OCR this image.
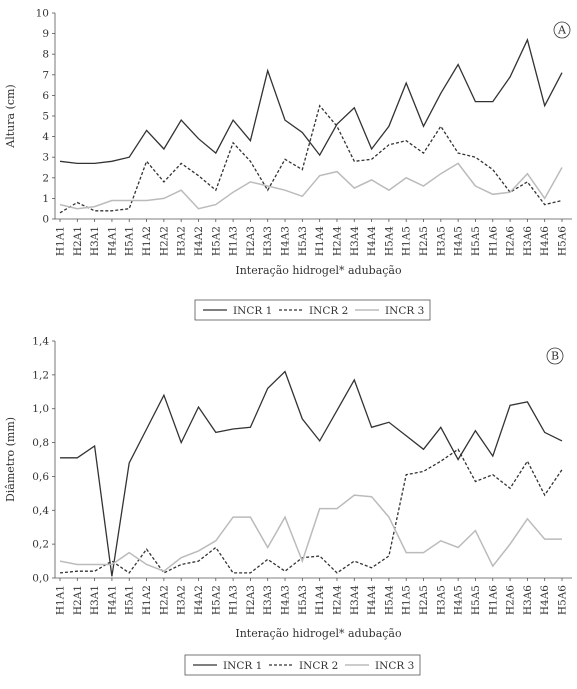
0
1
2
3
4
5
6
7
8
9
10
H1A1 H2A1 H3A1 H4A1 H5A1 H1A2 H2A2 H3A2 H4A2 H5A2 H1A3 H2A3 H3A3 H4A3 H5A3 H1A4 H2A4 H3A4 H4A4 H5A4 H1A5 H2A5 H3A5 H4A5 H5A5 H1A6 H2A6 H3A6 H4A6 H5A6
A
Altura (cm)
Interação hidrogel* adubação
INCR 1	INCR 2	INCR 3
0,0
0,2
0,4
0,6
0,8
1,0
1,2
1,4
H1A1 H2A1 H3A1 H4A1 H5A1 H1A2 H2A2 H3A2 H4A2 H5A2 H1A3 H2A3 H3A3 H4A3 H5A3 H1A4 H2A4 H3A4 H4A4 H5A4 H1A5 H2A5 H3A5 H4A5 H5A5 H1A6 H2A6 H3A6 H4A6 H5A6
B
Diâmetro (mm)
Interação hidrogel* adubação
INCR 1	INCR 2	INCR 3
